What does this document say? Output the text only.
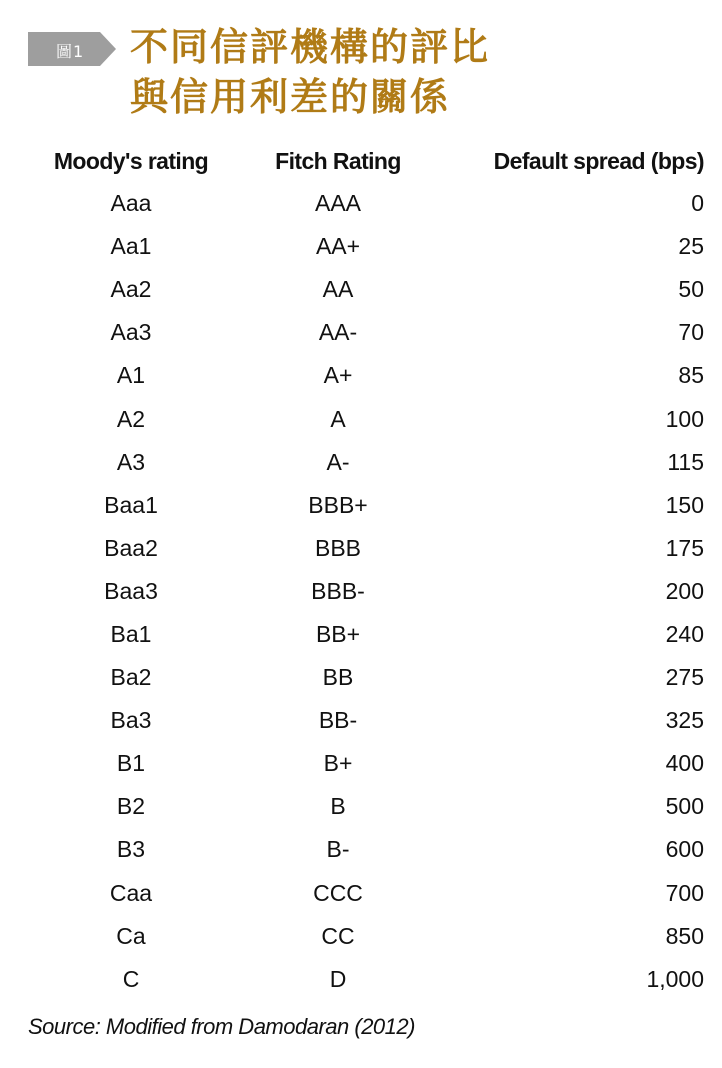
圖1 不同信評機構的評比
與信用利差的關係
Moody's rating	Fitch Rating	Default spread (bps)
Aaa	AAA	0
Aa1	AA+	25
Aa2	AA	50
Aa3	AA-	70
A1	A+	85
A2	A	100
A3	A-	115
Baa1	BBB+	150
Baa2	BBB	175
Baa3	BBB-	200
Ba1	BB+	240
Ba2	BB	275
Ba3	BB-	325
B1	B+	400
B2	B	500
B3	B-	600
Caa	CCC	700
Ca	CC	850
C	D	1,000
Source: Modified from Damodaran (2012)
